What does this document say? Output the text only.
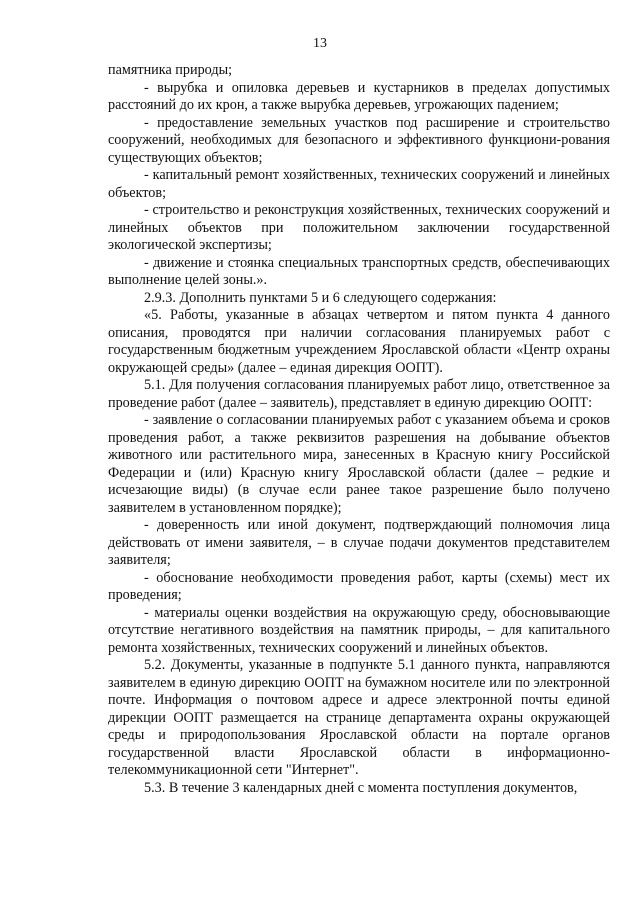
13

памятника природы;

- вырубка и опиловка деревьев и кустарников в пределах допустимых расстояний до их крон, а также вырубка деревьев, угрожающих падением;

- предоставление земельных участков под расширение и строительство сооружений, необходимых для безопасного и эффективного функциони-рования существующих объектов;

- капитальный ремонт хозяйственных, технических сооружений и линейных объектов;

- строительство и реконструкция хозяйственных, технических сооружений и линейных объектов при положительном заключении государственной экологической экспертизы;

- движение и стоянка специальных транспортных средств, обеспечивающих выполнение целей зоны.».

2.9.3. Дополнить пунктами 5 и 6 следующего содержания:

«5. Работы, указанные в абзацах четвертом и пятом пункта 4 данного описания, проводятся при наличии согласования планируемых работ с государственным бюджетным учреждением Ярославской области «Центр охраны окружающей среды» (далее – единая дирекция ООПТ).

5.1. Для получения согласования планируемых работ лицо, ответственное за проведение работ (далее – заявитель), представляет в единую дирекцию ООПТ:

- заявление о согласовании планируемых работ с указанием объема и сроков проведения работ, а также реквизитов разрешения на добывание объектов животного или растительного мира, занесенных в Красную книгу Российской Федерации и (или) Красную книгу Ярославской области (далее – редкие и исчезающие виды) (в случае если ранее такое разрешение было получено заявителем в установленном порядке);

- доверенность или иной документ, подтверждающий полномочия лица действовать от имени заявителя, – в случае подачи документов представителем заявителя;

- обоснование необходимости проведения работ, карты (схемы) мест их проведения;

- материалы оценки воздействия на окружающую среду, обосновывающие отсутствие негативного воздействия на памятник природы, – для капитального ремонта хозяйственных, технических сооружений и линейных объектов.

5.2. Документы, указанные в подпункте 5.1 данного пункта, направляются заявителем в единую дирекцию ООПТ на бумажном носителе или по электронной почте. Информация о почтовом адресе и адресе электронной почты единой дирекции ООПТ размещается на странице департамента охраны окружающей среды и природопользования Ярославской области на портале органов государственной власти Ярославской области в информационно-телекоммуникационной сети "Интернет".

5.3. В течение 3 календарных дней с момента поступления документов,
